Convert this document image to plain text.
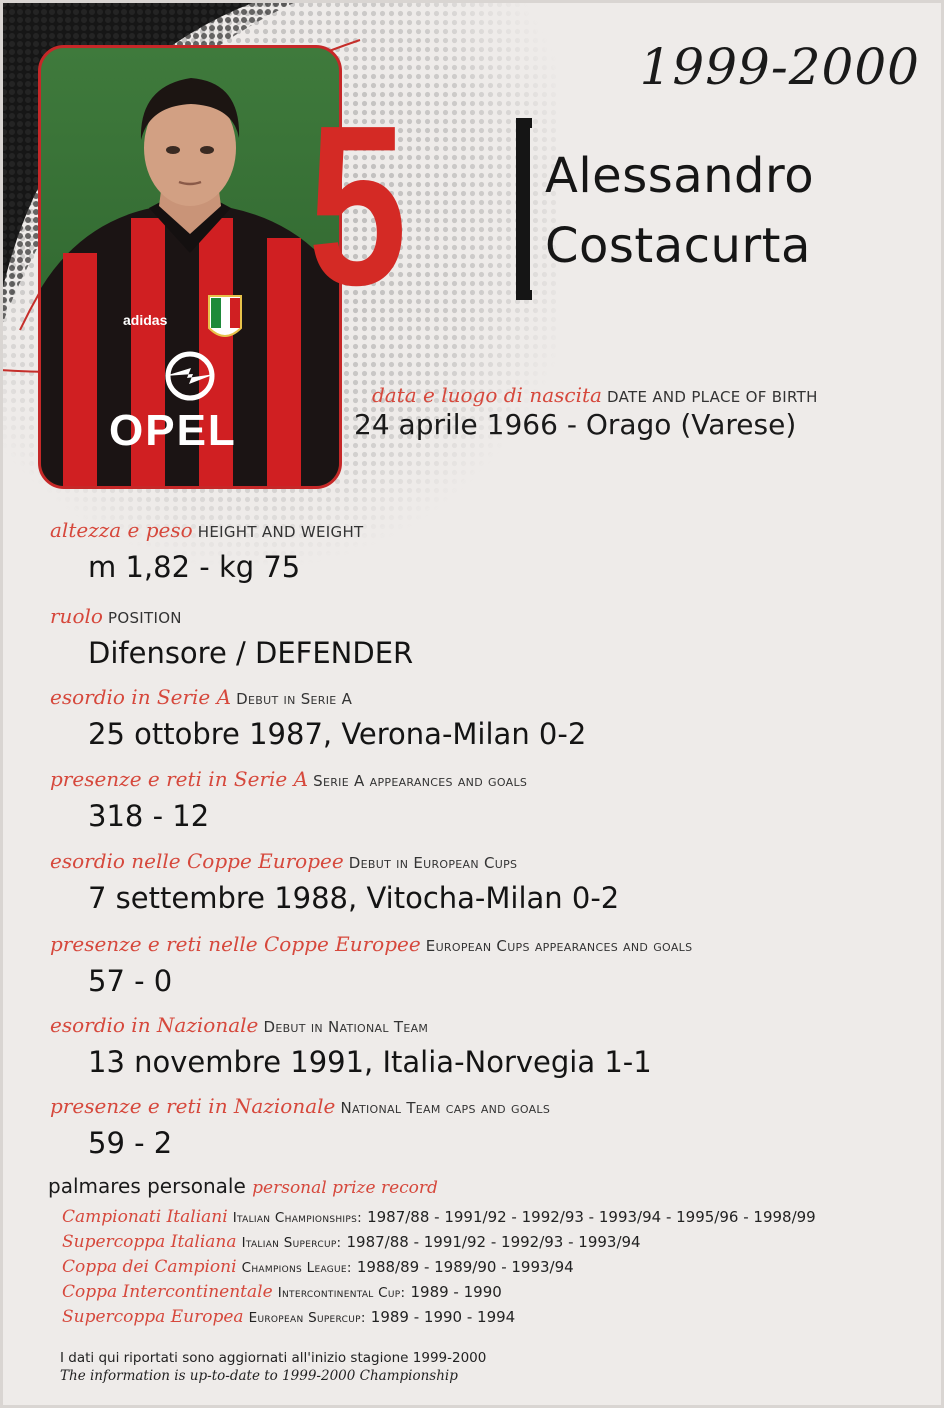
1999-2000
adidas
OPEL
5	Alessandro
Costacurta
data e luogo di nascita DATE AND PLACE OF BIRTH
24 aprile 1966 - Orago (Varese)
altezza e peso HEIGHT AND WEIGHT
m 1,82 - kg 75
ruolo POSITION
Difensore / DEFENDER
esordio in Serie A Debut in Serie A
25 ottobre 1987, Verona-Milan 0-2
presenze e reti in Serie A Serie A appearances and goals
318 - 12
esordio nelle Coppe Europee Debut in European Cups
7 settembre 1988, Vitocha-Milan 0-2
presenze e reti nelle Coppe Europee European Cups appearances and goals
57 - 0
esordio in Nazionale Debut in National Team
13 novembre 1991, Italia-Norvegia 1-1
presenze e reti in Nazionale National Team caps and goals
59 - 2
palmares personale personal prize record
Campionati Italiani Italian Championships: 1987/88 - 1991/92 - 1992/93 - 1993/94 - 1995/96 - 1998/99
Supercoppa Italiana Italian Supercup: 1987/88 - 1991/92 - 1992/93 - 1993/94
Coppa dei Campioni Champions League: 1988/89 - 1989/90 - 1993/94
Coppa Intercontinentale Intercontinental Cup: 1989 - 1990
Supercoppa Europea European Supercup: 1989 - 1990 - 1994
I dati qui riportati sono aggiornati all'inizio stagione 1999-2000
The information is up-to-date to 1999-2000 Championship
